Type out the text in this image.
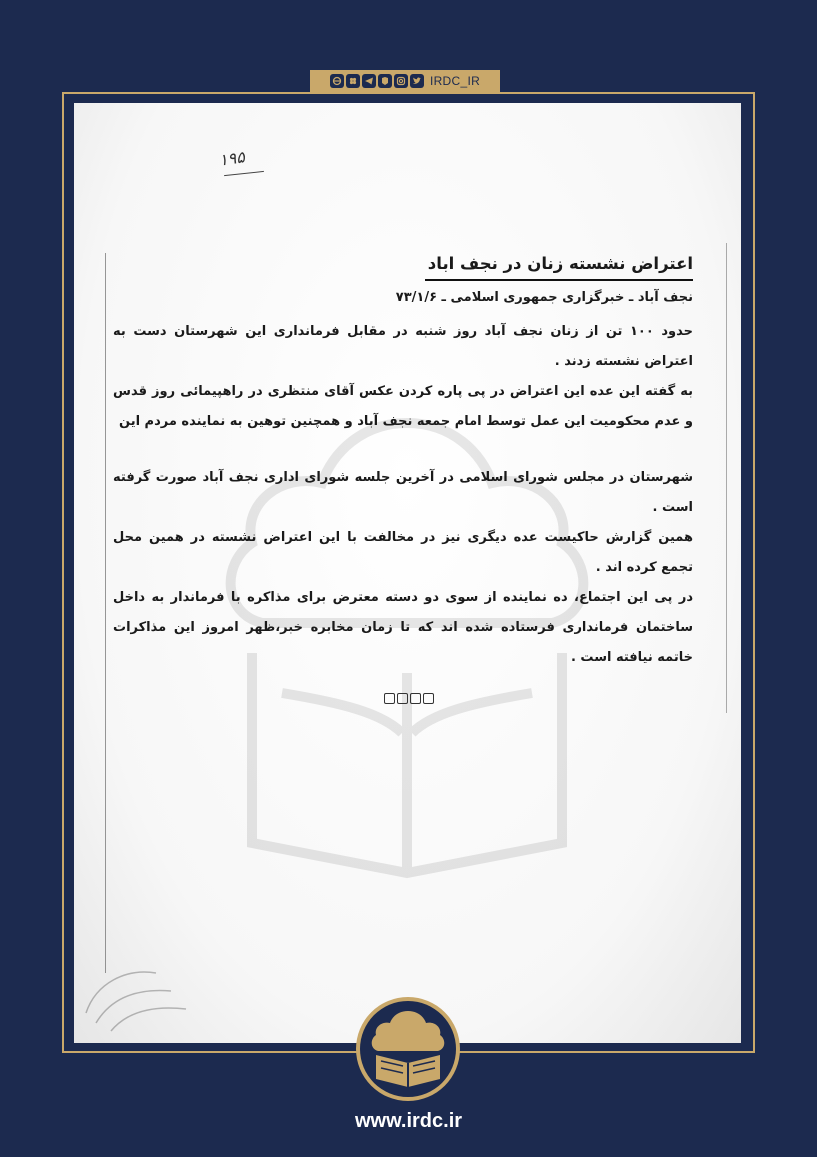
IRDC_IR
۱۹۵
اعتراض نشسته زنان در نجف اباد
نجف آباد ـ خبرگزاری جمهوری اسلامی ـ ۷۳/۱/۶

حدود ۱۰۰ تن از زنان نجف آباد روز شنبه در مقابل فرمانداری این شهرستان دست به اعتراض نشسته زدند .

به گفته این عده این اعتراض در پی پاره کردن عکس آقای منتظری در راهپیمائی روز قدس و عدم محکومیت این عمل توسط امام جمعه نجف آباد و همچنین توهین به نماینده مردم این

شهرستان در مجلس شورای اسلامی در آخرین جلسه شورای اداری نجف آباد صورت گرفته است .

همین گزارش حاکیست عده دیگری نیز در مخالفت با این اعتراض نشسته در همین محل تجمع کرده اند .

در پی این اجتماع، ده نماینده از سوی دو دسته معترض برای مذاکره با فرماندار به داخل ساختمان فرمانداری فرستاده شده اند که تا زمان مخابره خبر،ظهر امروز این مذاکرات خاتمه نیافته است .

www.irdc.ir
